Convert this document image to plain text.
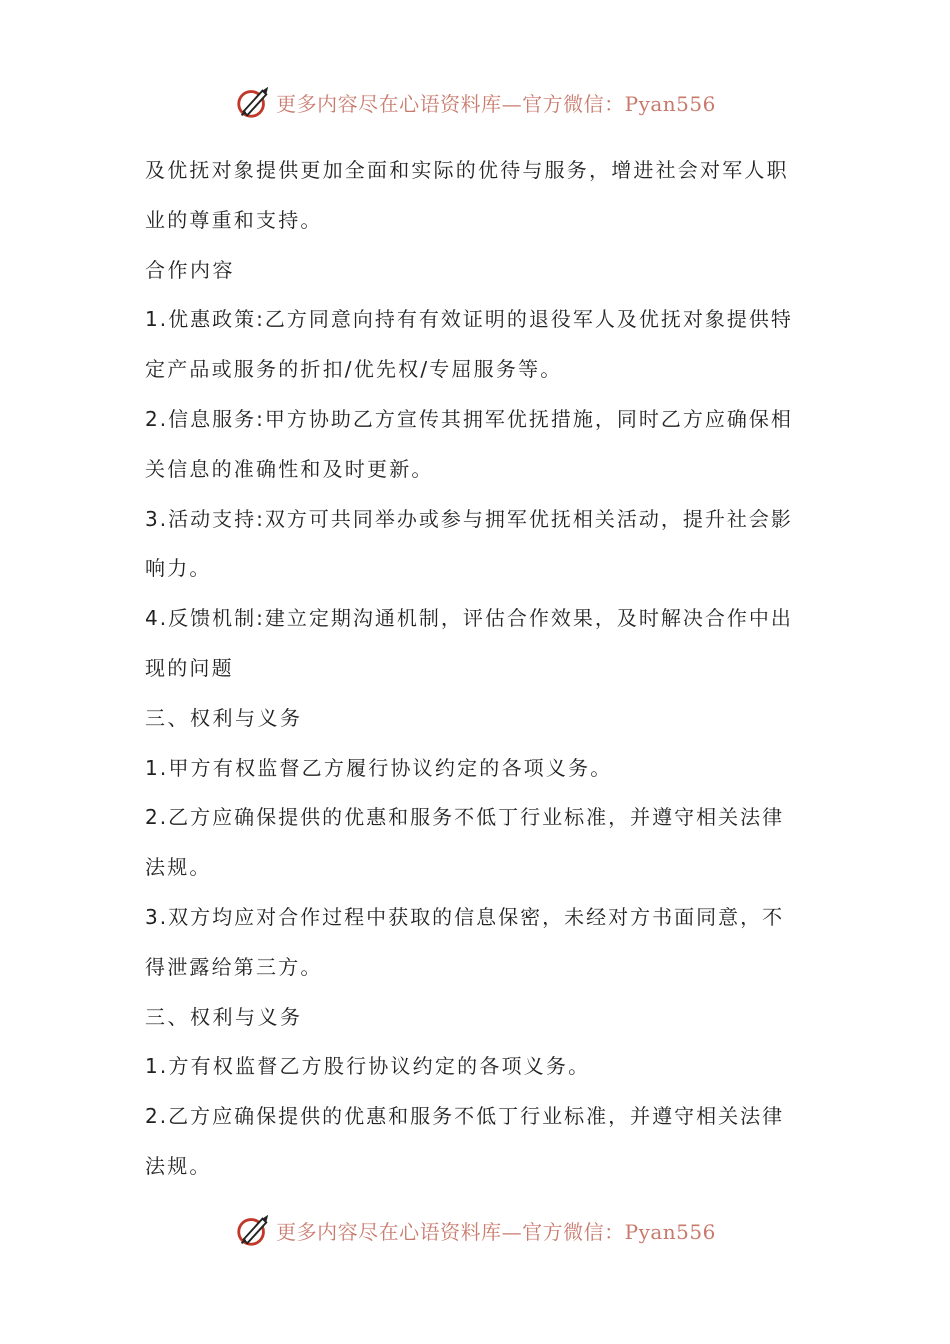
更多内容尽在心语资料库—官方微信：Pyan556
及优抚对象提供更加全面和实际的优待与服务，增进社会对军人职
业的尊重和支持。
合作内容
1.优惠政策:乙方同意向持有有效证明的退役军人及优抚对象提供特
定产品或服务的折扣/优先权/专屈服务等。
2.信息服务:甲方协助乙方宣传其拥军优抚措施，同时乙方应确保相
关信息的准确性和及时更新。
3.活动支持:双方可共同举办或参与拥军优抚相关活动，提升社会影
响力。
4.反馈机制:建立定期沟通机制，评估合作效果，及时解决合作中出
现的问题
三、权利与义务
1.甲方有权监督乙方履行协议约定的各项义务。
2.乙方应确保提供的优惠和服务不低丁行业标准，并遵守相关法律
法规。
3.双方均应对合作过程中获取的信息保密，未经对方书面同意，不
得泄露给第三方。
三、权利与义务
1.方有权监督乙方股行协议约定的各项义务。
2.乙方应确保提供的优惠和服务不低丁行业标准，并遵守相关法律
法规。
更多内容尽在心语资料库—官方微信：Pyan556
